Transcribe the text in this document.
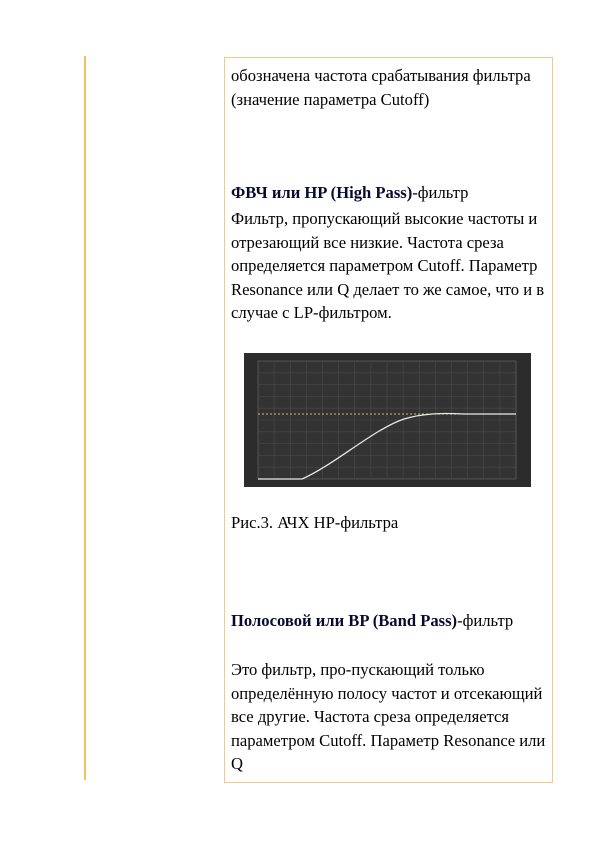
обозначена частота срабатывания фильтра (значение параметра Cutoff)

ФВЧ или HP (High Pass)-фильтр

Фильтр, пропускающий высокие частоты и отрезающий все низкие. Частота среза определяется параметром Cutoff. Параметр Resonance или Q делает то же самое, что и в случае с LP-фильтром.

Рис.3. АЧХ HP-фильтра

Полосовой или BP (Band Pass)-фильтр

Это фильтр, про-пускающий только определённую полосу частот и отсекающий все другие. Частота среза определяется параметром Cutoff. Параметр Resonance или Q
